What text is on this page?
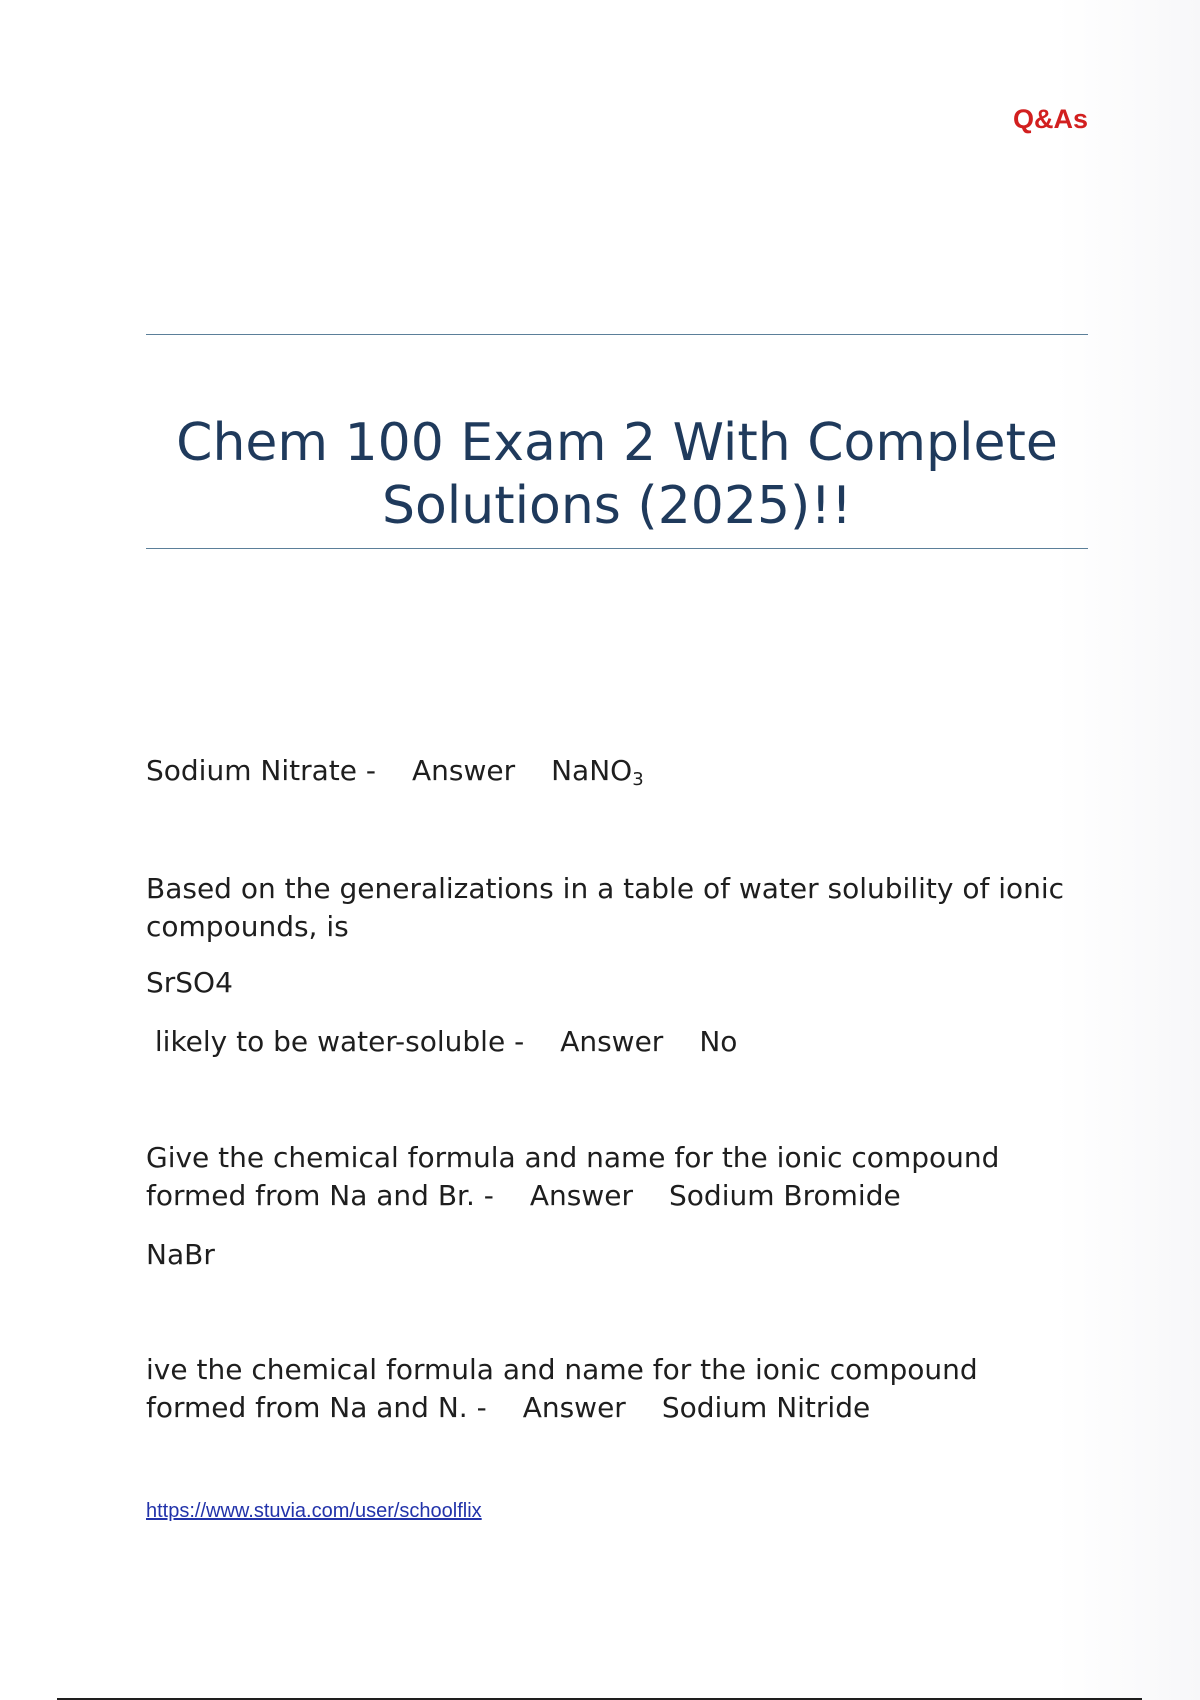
Q&As
Chem 100 Exam 2 With Complete
Solutions (2025)!!
Sodium Nitrate - Answer NaNO$_3$
Based on the generalizations in a table of water solubility of ionic
compounds, is
SrSO4
likely to be water-soluble - Answer No
Give the chemical formula and name for the ionic compound
formed from Na and Br. - Answer Sodium Bromide
NaBr
ive the chemical formula and name for the ionic compound
formed from Na and N. - Answer Sodium Nitride
https://www.stuvia.com/user/schoolflix
